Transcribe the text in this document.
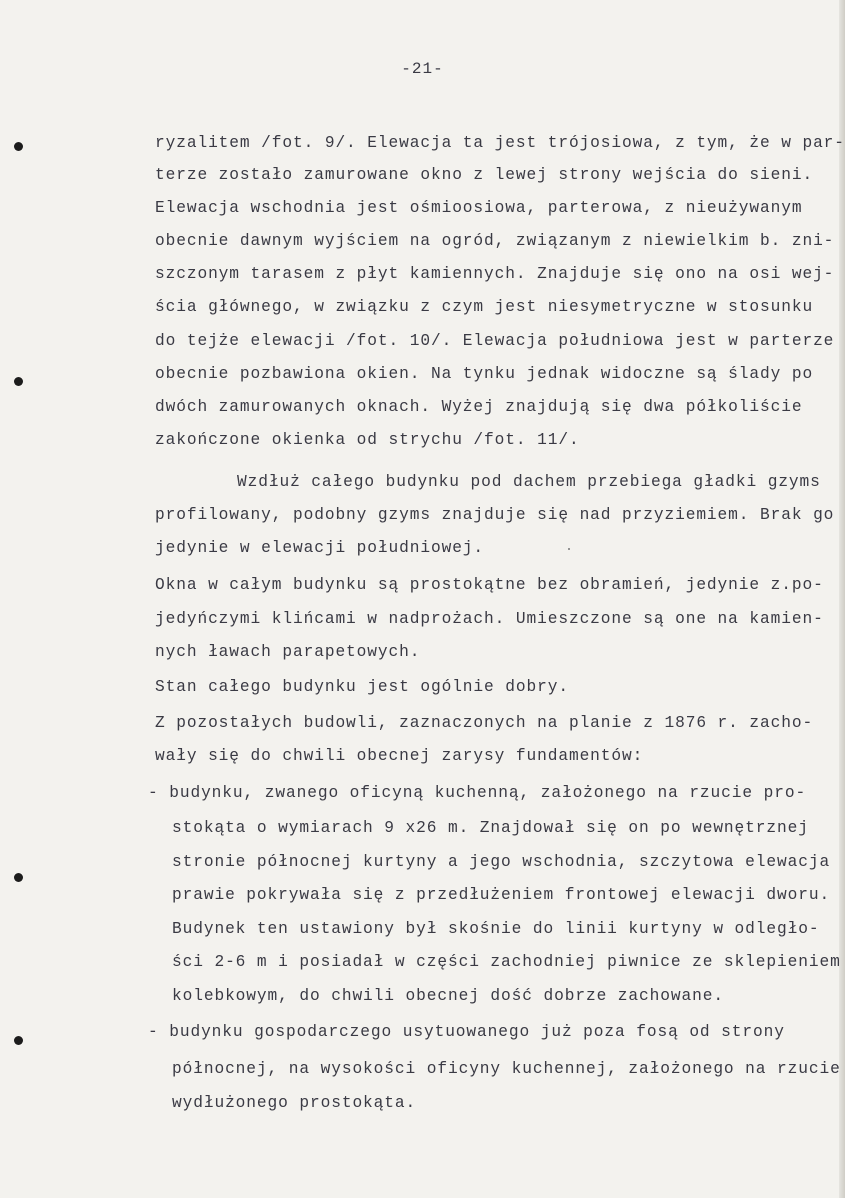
-21-
ryzalitem /fot. 9/. Elewacja ta jest trójosiowa, z tym, że w par-
terze zostało zamurowane okno z lewej strony wejścia do sieni.
Elewacja wschodnia jest ośmioosiowa, parterowa, z nieużywanym
obecnie dawnym wyjściem na ogród, związanym z niewielkim b. zni-
szczonym tarasem z płyt kamiennych. Znajduje się ono na osi wej-
ścia głównego, w związku z czym jest niesymetryczne w stosunku
do tejże elewacji /fot. 10/. Elewacja południowa jest w parterze
obecnie pozbawiona okien. Na tynku jednak widoczne są ślady po
dwóch zamurowanych oknach. Wyżej znajdują się dwa półkoliście
zakończone okienka od strychu /fot. 11/.
Wzdłuż całego budynku pod dachem przebiega gładki gzyms
profilowany, podobny gzyms znajduje się nad przyziemiem. Brak go
jedynie w elewacji południowej.
Okna w całym budynku są prostokątne bez obramień, jedynie z.po-
jedyńczymi klińcami w nadprożach. Umieszczone są one na kamien-
nych ławach parapetowych.
Stan całego budynku jest ogólnie dobry.
Z pozostałych budowli, zaznaczonych na planie z 1876 r. zacho-
wały się do chwili obecnej zarysy fundamentów:
- budynku, zwanego oficyną kuchenną, założonego na rzucie pro-
stokąta o wymiarach 9 x26 m. Znajdował się on po wewnętrznej
stronie północnej kurtyny a jego wschodnia, szczytowa elewacja
prawie pokrywała się z przedłużeniem frontowej elewacji dworu.
Budynek ten ustawiony był skośnie do linii kurtyny w odległo-
ści 2-6 m i posiadał w części zachodniej piwnice ze sklepieniem
kolebkowym, do chwili obecnej dość dobrze zachowane.
- budynku gospodarczego usytuowanego już poza fosą od strony
północnej, na wysokości oficyny kuchennej, założonego na rzucie
wydłużonego prostokąta.
